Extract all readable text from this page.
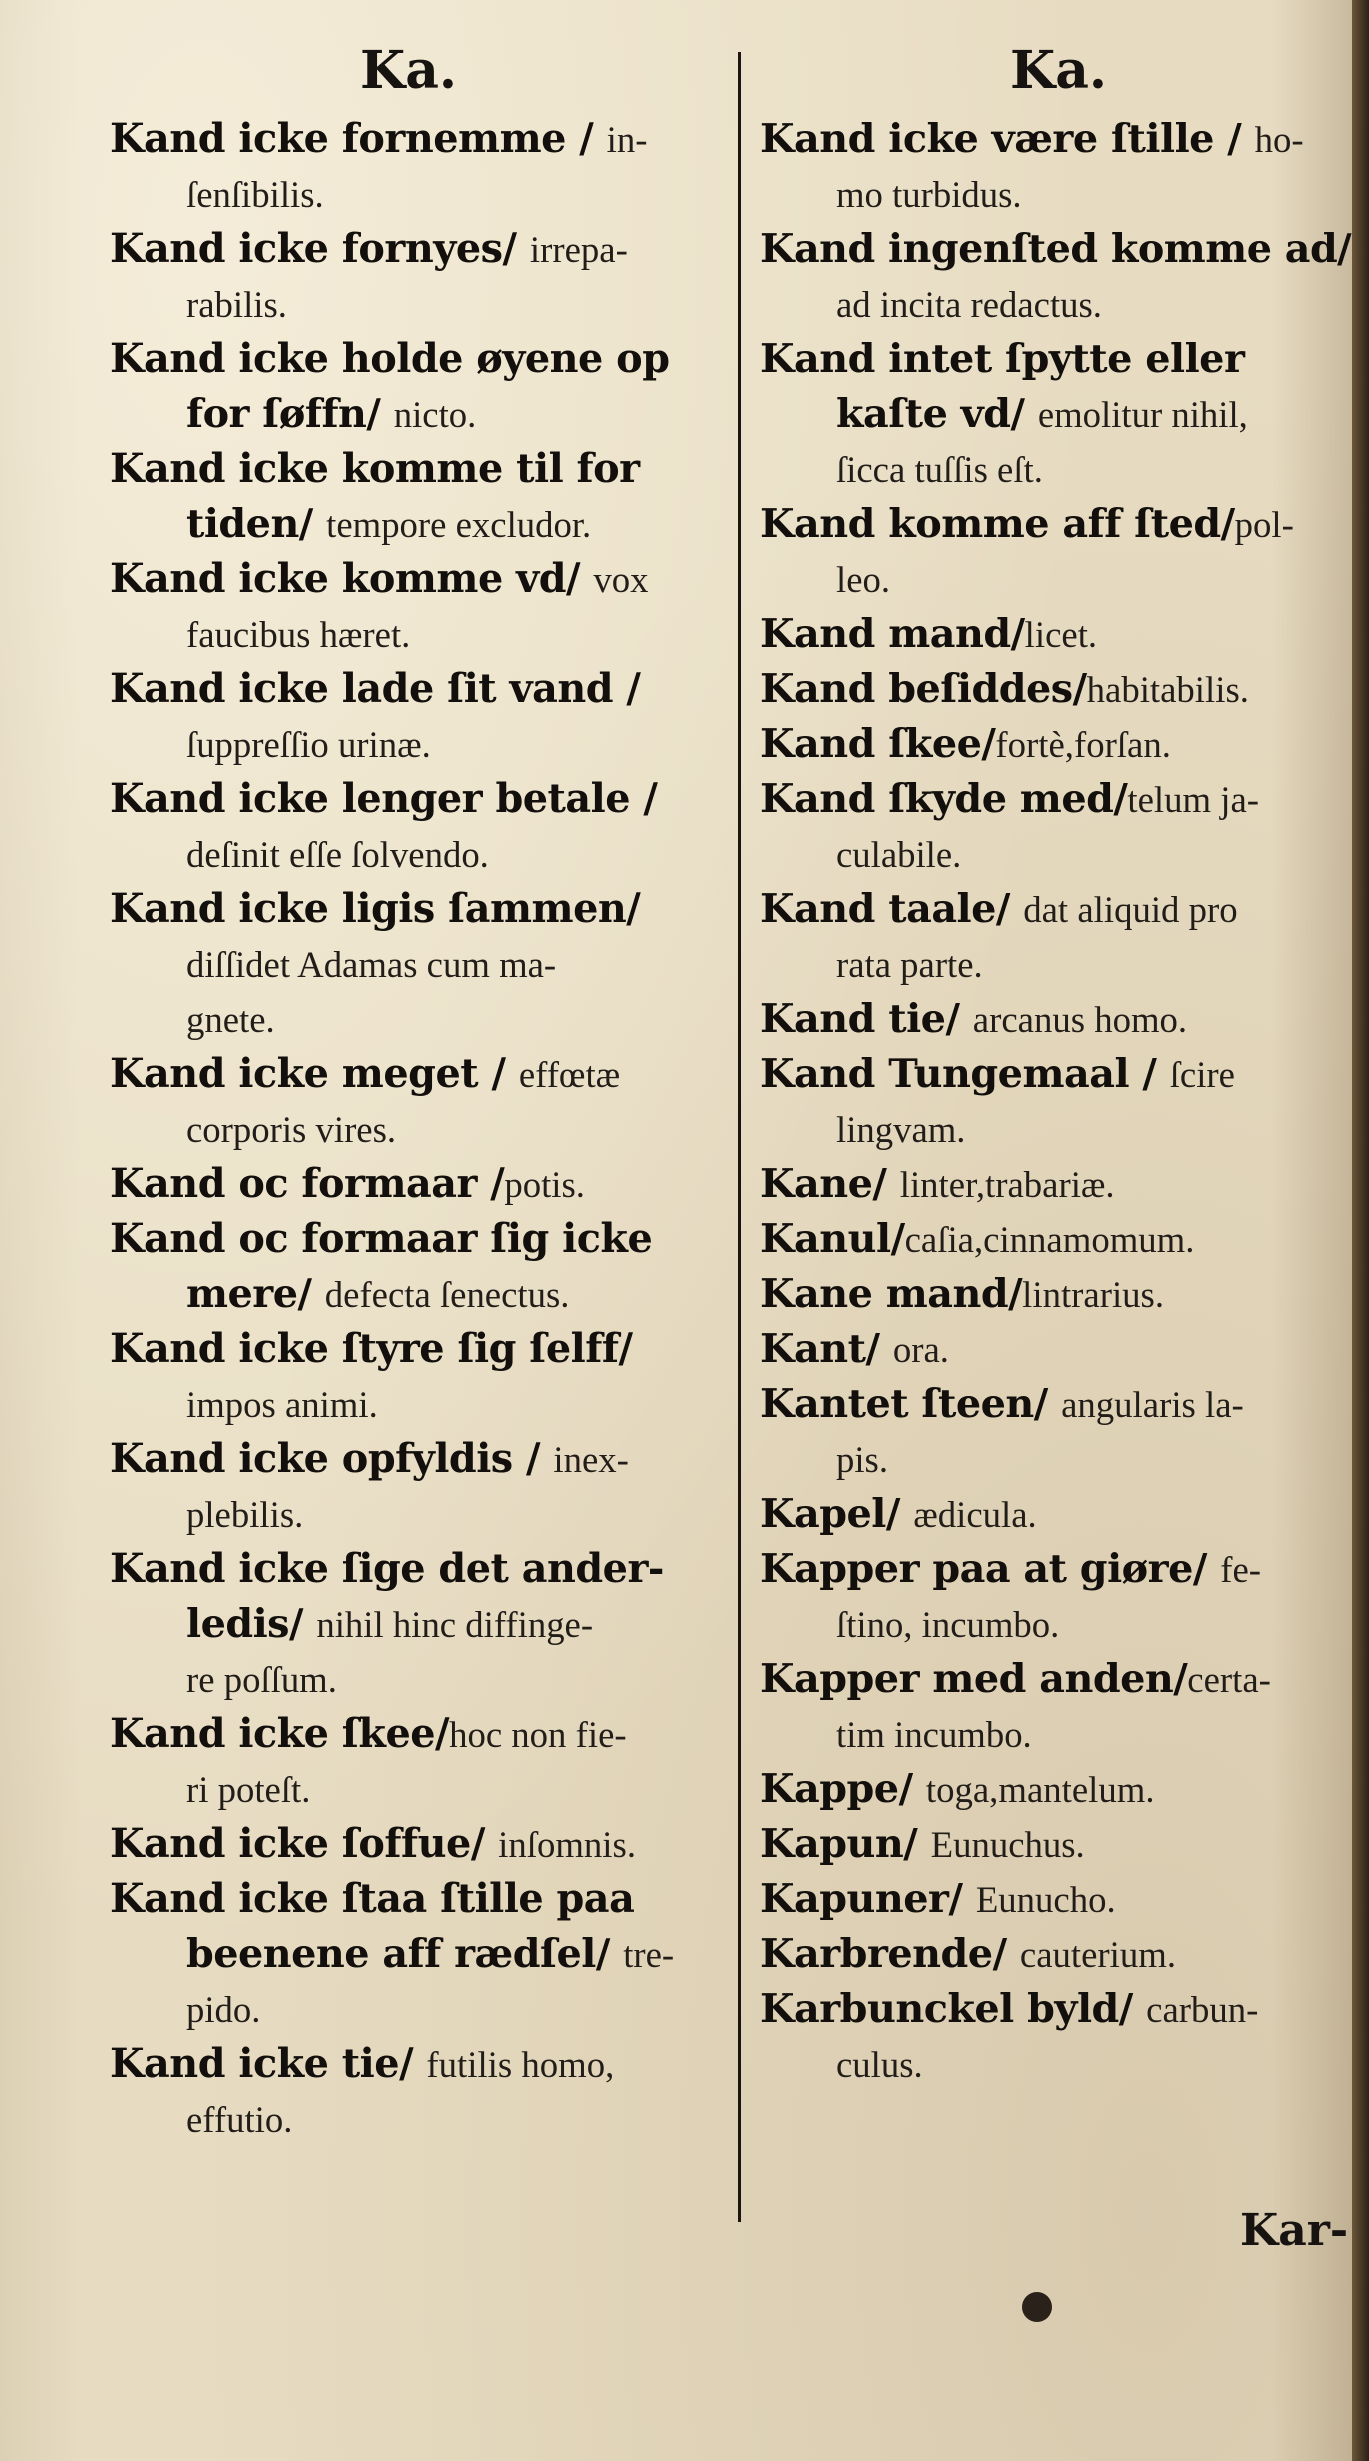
Ka.
Kand icke fornemme / in-
ſenſibilis.
Kand icke fornyes/ irrepa-
rabilis.
Kand icke holde øyene op
for ſøffn/ nicto.
Kand icke komme til for
tiden/ tempore excludor.
Kand icke komme vd/ vox
faucibus hæret.
Kand icke lade ſit vand /
ſuppreſſio urinæ.
Kand icke lenger betale /
deſinit eſſe ſolvendo.
Kand icke ligis ſammen/
diſſidet Adamas cum ma-
gnete.
Kand icke meget / effœtæ
corporis vires.
Kand oc formaar /potis.
Kand oc formaar ſig icke
mere/ defecta ſenectus.
Kand icke ſtyre ſig ſelff/
impos animi.
Kand icke opfyldis / inex-
plebilis.
Kand icke ſige det ander-
ledis/ nihil hinc diffinge-
re poſſum.
Kand icke ſkee/hoc non fie-
ri poteſt.
Kand icke ſoffue/ inſomnis.
Kand icke ſtaa ſtille paa
beenene aff rædſel/ tre-
pido.
Kand icke tie/ futilis homo,
effutio.
Ka.
Kand icke være ſtille / ho-
mo turbidus.
Kand ingenſted komme ad/
ad incita redactus.
Kand intet ſpytte eller
kaſte vd/ emolitur nihil,
ſicca tuſſis eſt.
Kand komme aff ſted/pol-
leo.
Kand mand/licet.
Kand beſiddes/habitabilis.
Kand ſkee/fortè,forſan.
Kand ſkyde med/telum ja-
culabile.
Kand taale/ dat aliquid pro
rata parte.
Kand tie/ arcanus homo.
Kand Tungemaal / ſcire
lingvam.
Kane/ linter,trabariæ.
Kanul/caſia,cinnamomum.
Kane mand/lintrarius.
Kant/ ora.
Kantet ſteen/ angularis la-
pis.
Kapel/ ædicula.
Kapper paa at giøre/ fe-
ſtino, incumbo.
Kapper med anden/certa-
tim incumbo.
Kappe/ toga,mantelum.
Kapun/ Eunuchus.
Kapuner/ Eunucho.
Karbrende/ cauterium.
Karbunckel byld/ carbun-
culus.
Kar-
